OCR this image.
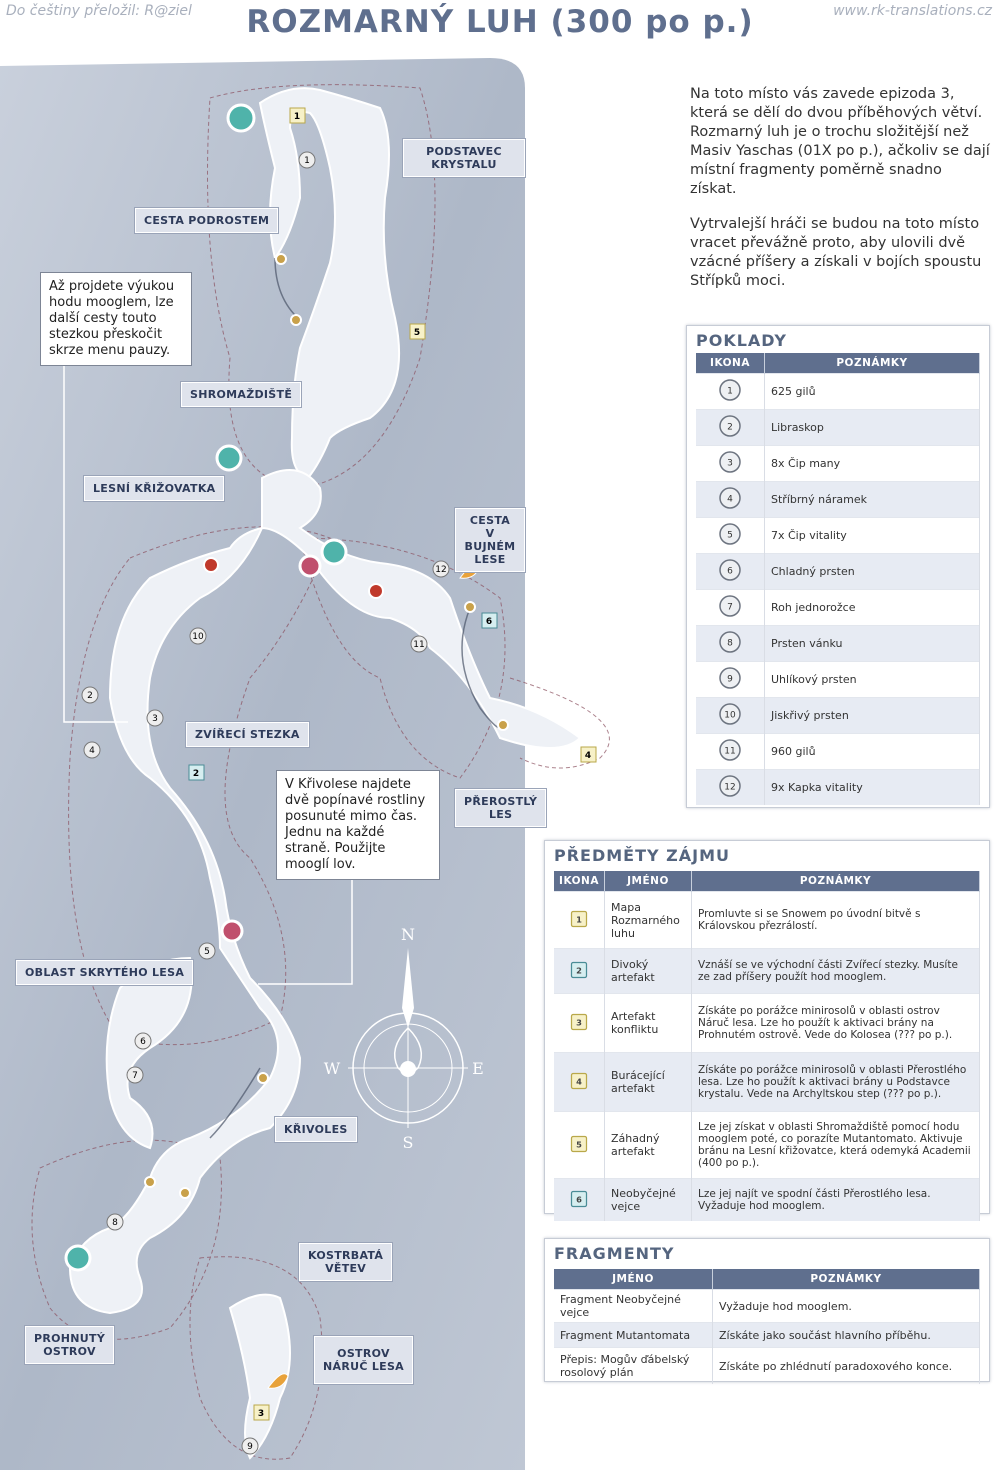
Do češtiny přeložil: R@ziel	www.rk-translations.cz
ROZMARNÝ LUH (300 po p.)
1
2
3
4
5
6
7
8
9
10
11
12
1
2
3
4
5
6
N
S
E
W
PODSTAVEC KRYSTALU
CESTA PODROSTEM
SHROMAŽDIŠTĚ
LESNÍ KŘIŽOVATKA
CESTA V BUJNÉM LESE
ZVÍŘECÍ STEZKA
PŘEROSTLÝ LES
OBLAST SKRYTÉHO LESA
KŘIVOLES
KOSTRBATÁ
VĚTEV
PROHNUTÝ
OSTROV	OSTROV
NÁRUČ LESA
Až projdete výukou hodu mooglem, lze další cesty touto stezkou přeskočit skrze menu pauzy.
V Křivolese najdete dvě popínavé rostliny posunuté mimo čas. Jednu na každé straně. Použijte mooglí lov.

Na toto místo vás zavede epizoda 3, která se dělí do dvou příběhových větví. Rozmarný luh je o trochu složitější než Masiv Yaschas (01X po p.), ačkoliv se dají místní fragmenty poměrně snadno získat.

Vytrvalejší hráči se budou na toto místo vracet převážně proto, aby ulovili dvě vzácné příšery a získali v bojích spoustu Střípků moci.

POKLADY
IKONA	POZNÁMKY

1	625 gilů

2	Libraskop

3	8x Čip many

4	Stříbrný náramek

5	7x Čip vitality

6	Chladný prsten

7	Roh jednorožce

8	Prsten vánku

9	Uhlíkový prsten

10	Jiskřivý prsten

11	960 gilů

12	9x Kapka vitality
PŘEDMĚTY ZÁJMU
IKONA	JMÉNO	POZNÁMKY

1	Mapa Rozmarného luhu	Promluvte si se Snowem po úvodní bitvě s Královskou přezrálostí.

2	Divoký artefakt	Vznáší se ve východní části Zvířecí stezky. Musíte ze zad příšery použít hod mooglem.

3	Artefakt konfliktu	Získáte po porážce minirosolů v oblasti ostrov Náruč lesa. Lze ho použít k aktivaci brány na Prohnutém ostrově. Vede do Kolosea (??? po p.).

4	Burácející artefakt	Získáte po porážce minirosolů v oblasti Přerostlého lesa. Lze ho použít k aktivaci brány u Podstavce krystalu. Vede na Archyltskou step (??? po p.).

5	Záhadný artefakt	Lze jej získat v oblasti Shromaždiště pomocí hodu mooglem poté, co porazíte Mutantomato. Aktivuje bránu na Lesní křižovatce, která odemyká Academii (400 po p.).

6	Neobyčejné vejce	Lze jej najít ve spodní části Přerostlého lesa. Vyžaduje hod mooglem.
FRAGMENTY
JMÉNO	POZNÁMKY
Fragment Neobyčejné vejce	Vyžaduje hod mooglem.
Fragment Mutantomata	Získáte jako součást hlavního příběhu.
Přepis: Mogův ďábelský rosolový plán	Získáte po zhlédnutí paradoxového konce.
